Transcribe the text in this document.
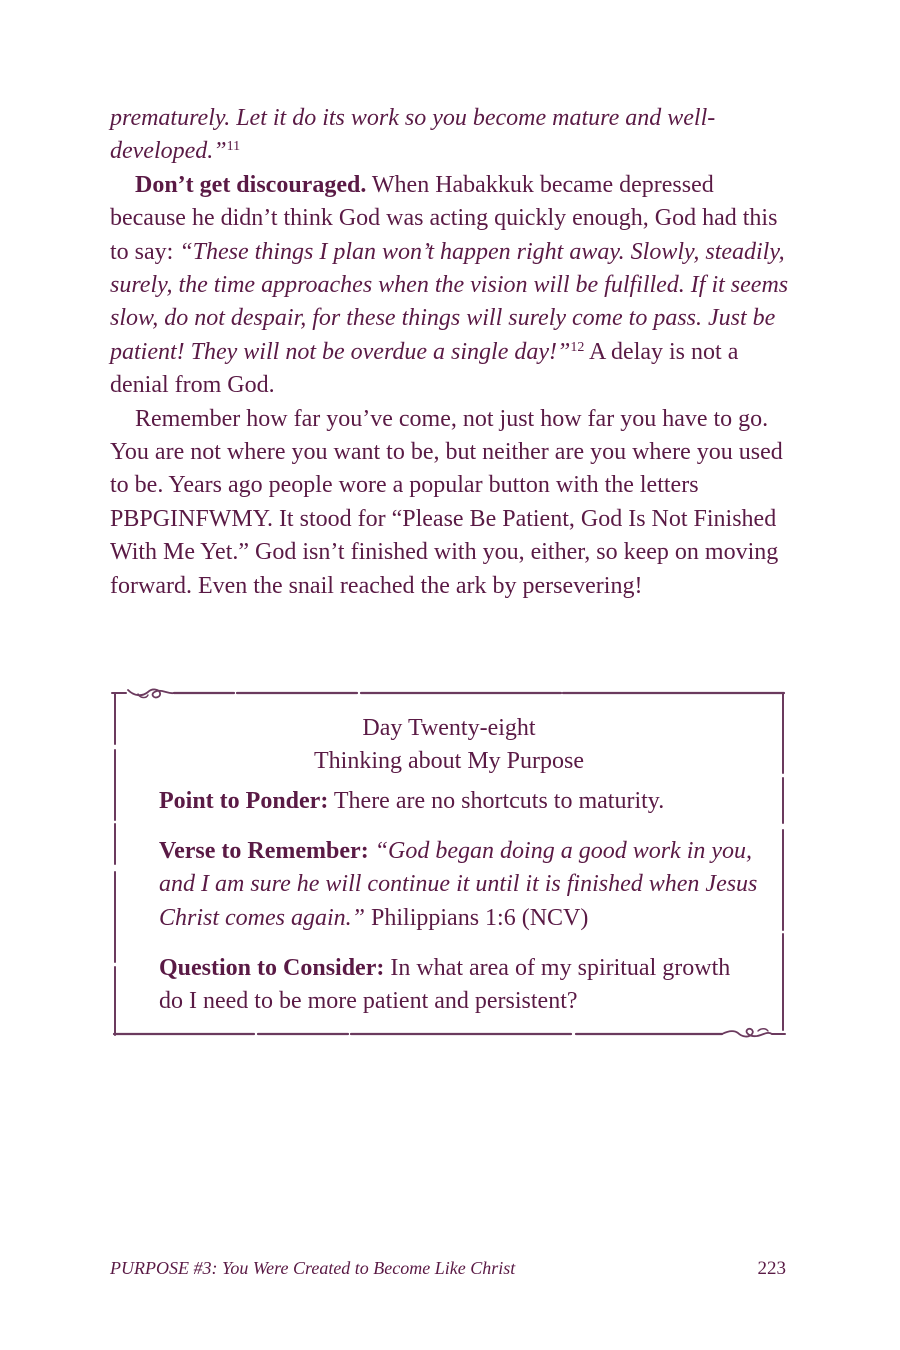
prematurely. Let it do its work so you become mature and well-developed.”$^{11}$

Don’t get discouraged. When Habakkuk became depressed because he didn’t think God was acting quickly enough, God had this to say: “These things I plan won’t happen right away. Slowly, steadily, surely, the time approaches when the vision will be fulfilled. If it seems slow, do not despair, for these things will surely come to pass. Just be patient! They will not be overdue a single day!”$^{12}$ A delay is not a denial from God.

Remember how far you’ve come, not just how far you have to go. You are not where you want to be, but neither are you where you used to be. Years ago people wore a popular button with the letters PBPGINFWMY. It stood for “Please Be Patient, God Is Not Finished With Me Yet.” God isn’t finished with you, either, so keep on moving forward. Even the snail reached the ark by persevering!

Day Twenty-eight
Thinking about My Purpose
Point to Ponder: There are no shortcuts to maturity.
Verse to Remember: “God began doing a good work in you, and I am sure he will continue it until it is finished when Jesus Christ comes again.” Philippians 1:6 (NCV)
Question to Consider: In what area of my spiritual growth do I need to be more patient and persistent?
PURPOSE #3: You Were Created to Become Like Christ	223
